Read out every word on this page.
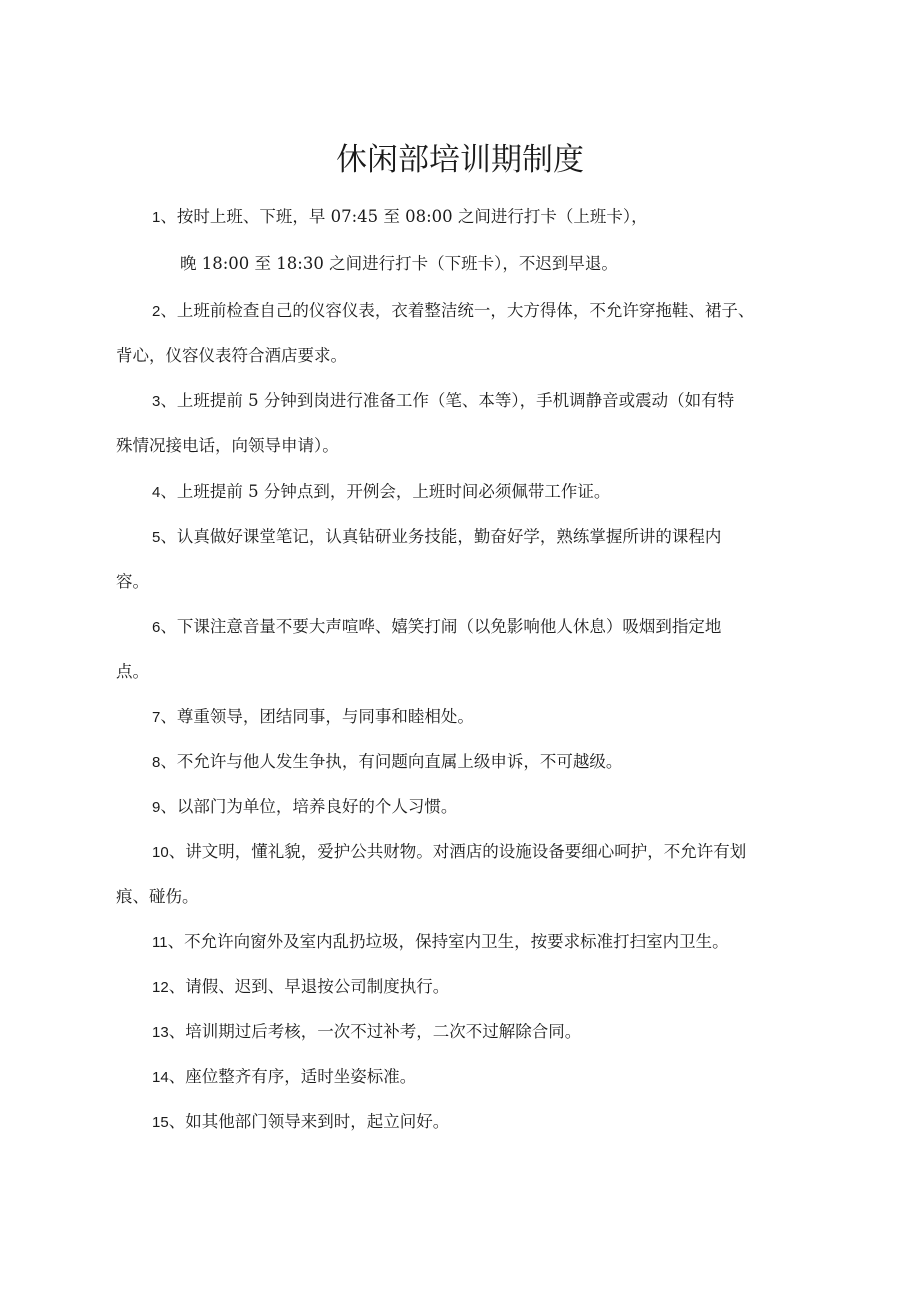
休闲部培训期制度
1、按时上班、下班，早 07:45 至 08:00 之间进行打卡（上班卡），
晚 18:00 至 18:30 之间进行打卡（下班卡），不迟到早退。
2、上班前检查自己的仪容仪表，衣着整洁统一，大方得体，不允许穿拖鞋、裙子、
背心，仪容仪表符合酒店要求。
3、上班提前 5 分钟到岗进行准备工作（笔、本等），手机调静音或震动（如有特
殊情况接电话，向领导申请）。
4、上班提前 5 分钟点到，开例会，上班时间必须佩带工作证。
5、认真做好课堂笔记，认真钻研业务技能，勤奋好学，熟练掌握所讲的课程内
容。
6、下课注意音量不要大声喧哗、嬉笑打闹（以免影响他人休息）吸烟到指定地
点。
7、尊重领导，团结同事，与同事和睦相处。
8、不允许与他人发生争执，有问题向直属上级申诉，不可越级。
9、以部门为单位，培养良好的个人习惯。
10、讲文明，懂礼貌，爱护公共财物。对酒店的设施设备要细心呵护，不允许有划
痕、碰伤。
11、不允许向窗外及室内乱扔垃圾，保持室内卫生，按要求标准打扫室内卫生。
12、请假、迟到、早退按公司制度执行。
13、培训期过后考核，一次不过补考，二次不过解除合同。
14、座位整齐有序，适时坐姿标准。
15、如其他部门领导来到时，起立问好。
